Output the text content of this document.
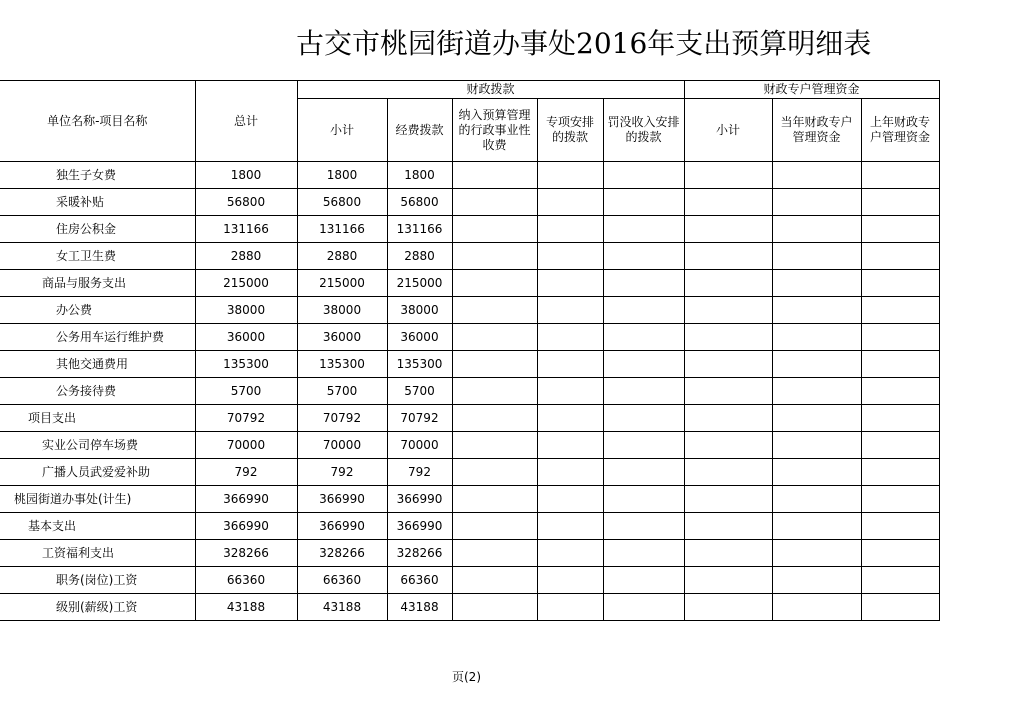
古交市桃园街道办事处2016年支出预算明细表
单位名称-项目名称	总计	财政拨款					财政专户管理资金		

		小计	经费拨款	纳入预算管理的行政事业性收费	专项安排的拨款	罚没收入安排的拨款	小计	当年财政专户管理资金	上年财政专户管理资金

独生子女费	1800	1800	1800						
采暖补贴	56800	56800	56800						
住房公积金	131166	131166	131166						
女工卫生费	2880	2880	2880						
商品与服务支出	215000	215000	215000						
办公费	38000	38000	38000						
公务用车运行维护费	36000	36000	36000						
其他交通费用	135300	135300	135300						
公务接待费	5700	5700	5700						
项目支出	70792	70792	70792						
实业公司停车场费	70000	70000	70000						
广播人员武爱爱补助	792	792	792						
桃园街道办事处(计生)	366990	366990	366990						
基本支出	366990	366990	366990						
工资福利支出	328266	328266	328266						
职务(岗位)工资	66360	66360	66360						
级别(薪级)工资	43188	43188	43188						
页(2)
